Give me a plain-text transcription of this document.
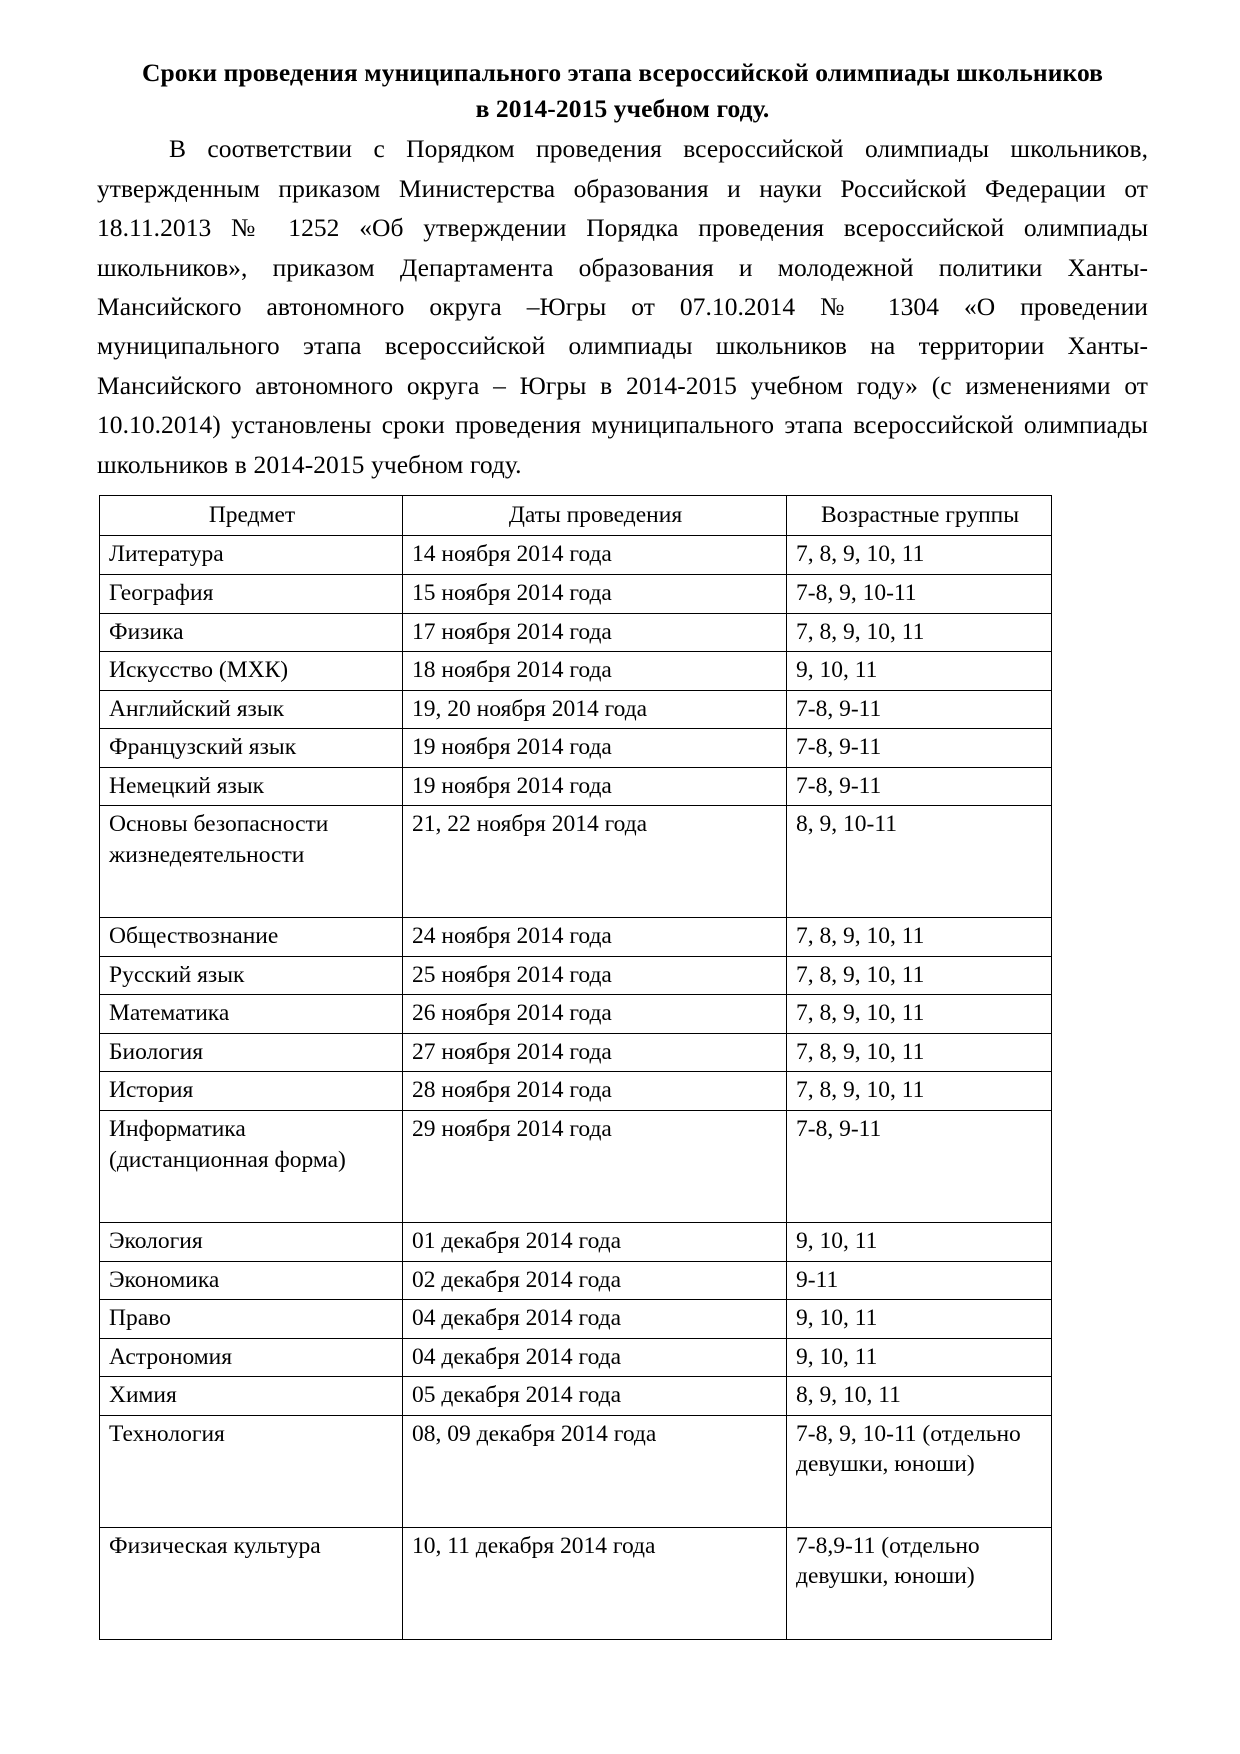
Сроки проведения муниципального этапа всероссийской олимпиады школьников
в 2014-2015 учебном году.

В соответствии с Порядком проведения всероссийской олимпиады школьников, утвержденным приказом Министерства образования и науки Российской Федерации от 18.11.2013 № 1252 «Об утверждении Порядка проведения всероссийской олимпиады школьников», приказом Департамента образования и молодежной политики Ханты-Мансийского автономного округа –Югры от 07.10.2014 № 1304 «О проведении муниципального этапа всероссийской олимпиады школьников на территории Ханты-Мансийского автономного округа – Югры в 2014-2015 учебном году» (с изменениями от 10.10.2014) установлены сроки проведения муниципального этапа всероссийской олимпиады школьников в 2014-2015 учебном году.

Предмет	Даты проведения	Возрастные группы
Литература	14 ноября 2014 года	7, 8, 9, 10, 11
География	15 ноября 2014 года	7-8, 9, 10-11
Физика	17 ноября 2014 года	7, 8, 9, 10, 11
Искусство (МХК)	18 ноября 2014 года	9, 10, 11
Английский язык	19, 20 ноября 2014 года	7-8, 9-11
Французский язык	19 ноября 2014 года	7-8, 9-11
Немецкий язык	19 ноября 2014 года	7-8, 9-11
Основы безопасности жизнедеятельности	21, 22 ноября 2014 года	8, 9, 10-11
Обществознание	24 ноября 2014 года	7, 8, 9, 10, 11
Русский язык	25 ноября 2014 года	7, 8, 9, 10, 11
Математика	26 ноября 2014 года	7, 8, 9, 10, 11
Биология	27 ноября 2014 года	7, 8, 9, 10, 11
История	28 ноября 2014 года	7, 8, 9, 10, 11
Информатика (дистанционная форма)	29 ноября 2014 года	7-8, 9-11
Экология	01 декабря 2014 года	9, 10, 11
Экономика	02 декабря 2014 года	9-11
Право	04 декабря 2014 года	9, 10, 11
Астрономия	04 декабря 2014 года	9, 10, 11
Химия	05 декабря 2014 года	8, 9, 10, 11
Технология	08, 09 декабря 2014 года	7-8, 9, 10-11 (отдельно девушки, юноши)
Физическая культура	10, 11 декабря 2014 года	7-8,9-11 (отдельно девушки, юноши)
